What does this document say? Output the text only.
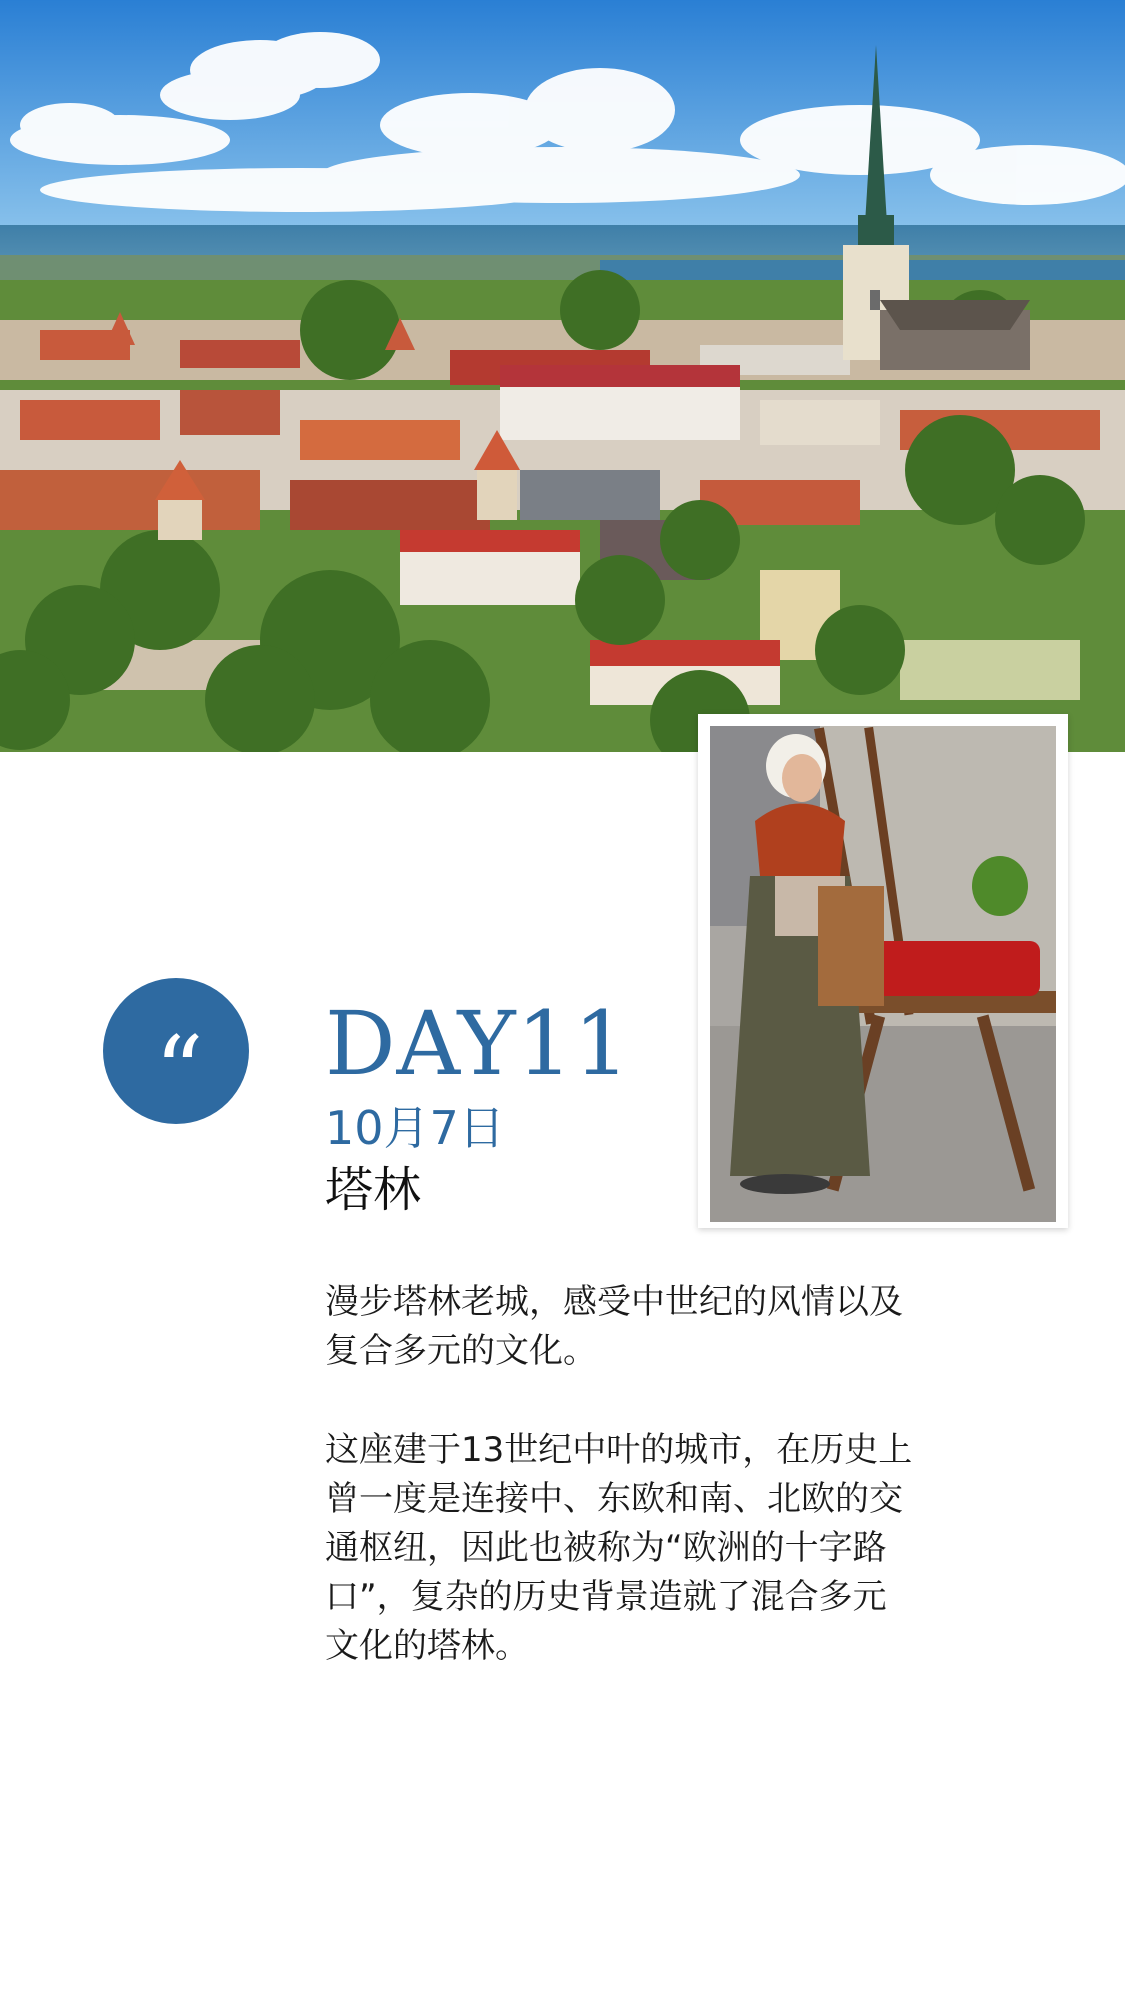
“ DAY11
10月7日
塔林

漫步塔林老城，感受中世纪的风情以及复合多元的文化。

这座建于13世纪中叶的城市，在历史上曾一度是连接中、东欧和南、北欧的交通枢纽，因此也被称为“欧洲的十字路口”，复杂的历史背景造就了混合多元文化的塔林。
